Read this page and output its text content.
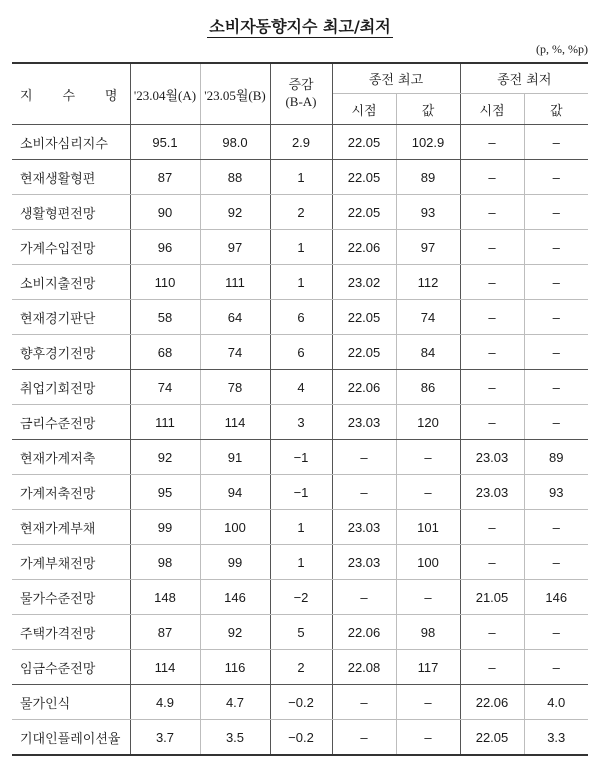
소비자동향지수 최고/최저
(p, %, %p)
지 수 명	'23.04월(A)	'23.05월(B)	증감
(B-A)	종전 최고		종전 최저	
				시점	값	시점	값
소비자심리지수	95.1	98.0	2.9	22.05	102.9	–	–
현재생활형편	87	88	1	22.05	89	–	–
생활형편전망	90	92	2	22.05	93	–	–
가계수입전망	96	97	1	22.06	97	–	–
소비지출전망	110	111	1	23.02	112	–	–
현재경기판단	58	64	6	22.05	74	–	–
향후경기전망	68	74	6	22.05	84	–	–
취업기회전망	74	78	4	22.06	86	–	–
금리수준전망	111	114	3	23.03	120	–	–
현재가계저축	92	91	−1	–	–	23.03	89
가계저축전망	95	94	−1	–	–	23.03	93
현재가계부채	99	100	1	23.03	101	–	–
가계부채전망	98	99	1	23.03	100	–	–
물가수준전망	148	146	−2	–	–	21.05	146
주택가격전망	87	92	5	22.06	98	–	–
임금수준전망	114	116	2	22.08	117	–	–
물가인식	4.9	4.7	−0.2	–	–	22.06	4.0
기대인플레이션율	3.7	3.5	−0.2	–	–	22.05	3.3
